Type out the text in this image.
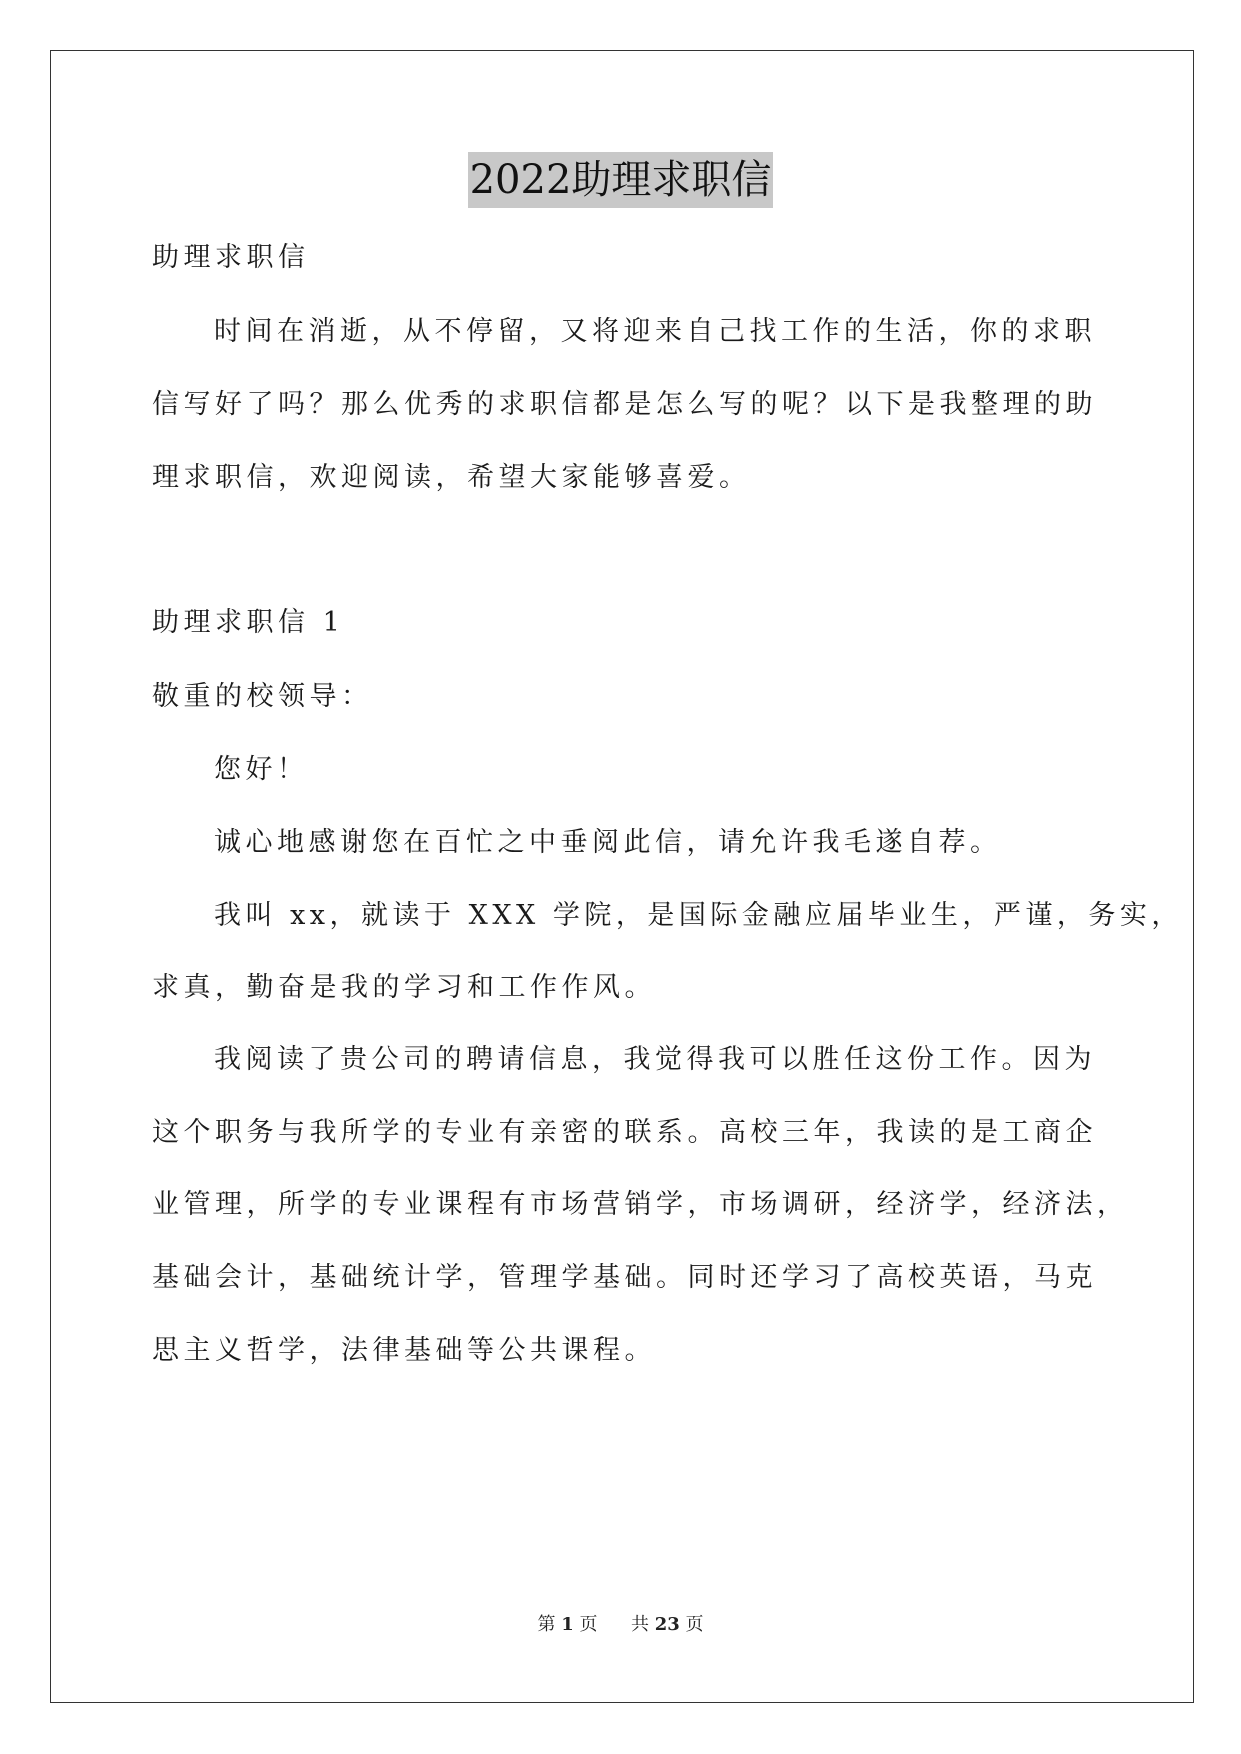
2022助理求职信
助理求职信
时间在消逝，从不停留，又将迎来自己找工作的生活，你的求职
信写好了吗？那么优秀的求职信都是怎么写的呢？以下是我整理的助
理求职信，欢迎阅读，希望大家能够喜爱。
助理求职信 1
敬重的校领导：
您好！
诚心地感谢您在百忙之中垂阅此信，请允许我毛遂自荐。
我叫 xx，就读于 XXX 学院，是国际金融应届毕业生，严谨，务实，
求真，勤奋是我的学习和工作作风。
我阅读了贵公司的聘请信息，我觉得我可以胜任这份工作。因为
这个职务与我所学的专业有亲密的联系。高校三年，我读的是工商企
业管理，所学的专业课程有市场营销学，市场调研，经济学，经济法，
基础会计，基础统计学，管理学基础。同时还学习了高校英语，马克
思主义哲学，法律基础等公共课程。
第 1 页 共 23 页
